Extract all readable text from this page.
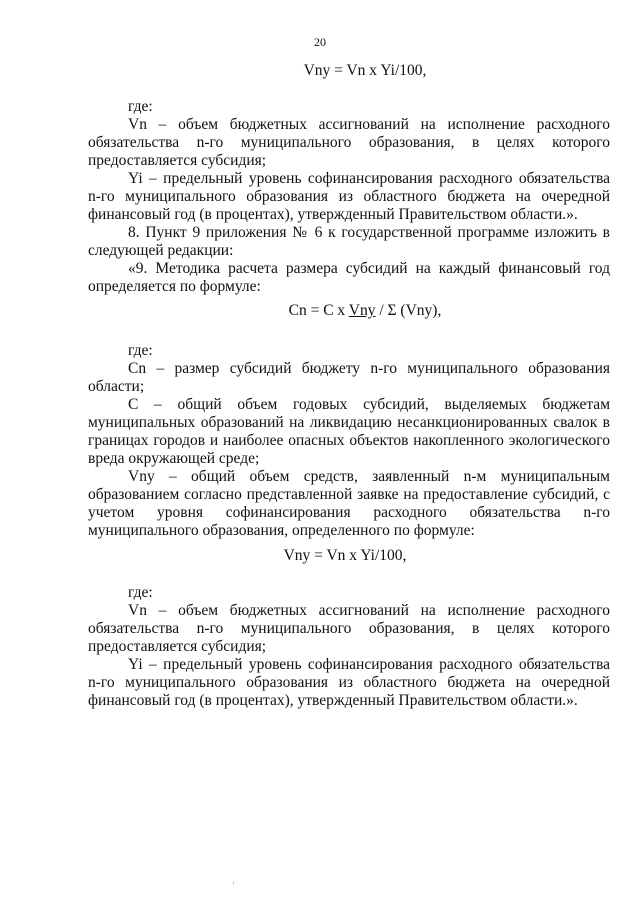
20
Vny = Vn x Yi/100,

где:

Vn – объем бюджетных ассигнований на исполнение расходного обязательства n-го муниципального образования, в целях которого предоставляется субсидия;

Yi – предельный уровень софинансирования расходного обязательства n-го муниципального образования из областного бюджета на очередной финансовый год (в процентах), утвержденный Правительством области.».

8. Пункт 9 приложения № 6 к государственной программе изложить в следующей редакции:

«9. Методика расчета размера субсидий на каждый финансовый год определяется по формуле:

Cn = C x Vny / Σ (Vny),

где:

Cn – размер субсидий бюджету n-го муниципального образования области;

C – общий объем годовых субсидий, выделяемых бюджетам муниципальных образований на ликвидацию несанкционированных свалок в границах городов и наиболее опасных объектов накопленного экологического вреда окружающей среде;

Vny – общий объем средств, заявленный n-м муниципальным образованием согласно представленной заявке на предоставление субсидий, с учетом уровня софинансирования расходного обязательства n-го муниципального образования, определенного по формуле:

Vny = Vn x Yi/100,

где:

Vn – объем бюджетных ассигнований на исполнение расходного обязательства n-го муниципального образования, в целях которого предоставляется субсидия;

Yi – предельный уровень софинансирования расходного обязательства n-го муниципального образования из областного бюджета на очередной финансовый год (в процентах), утвержденный Правительством области.».

·
